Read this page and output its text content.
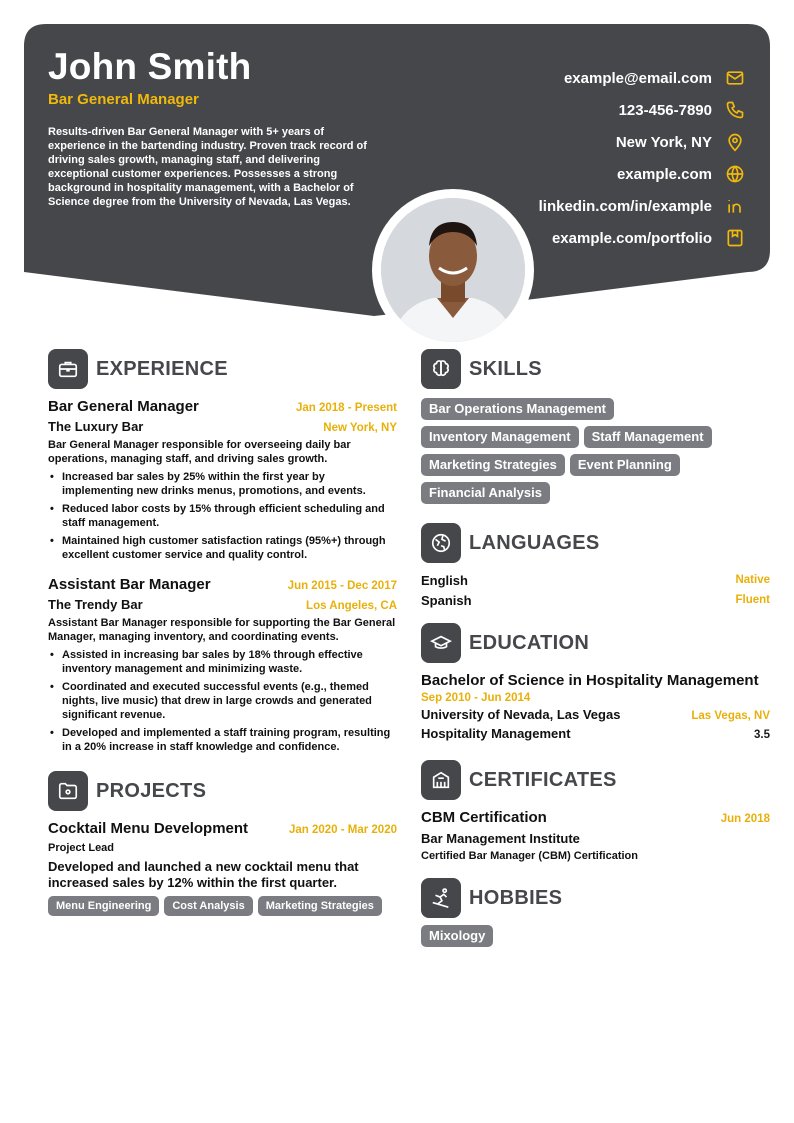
John Smith
Bar General Manager
Results-driven Bar General Manager with 5+ years of experience in the bartending industry. Proven track record of driving sales growth, managing staff, and delivering exceptional customer experiences. Possesses a strong background in hospitality management, with a Bachelor of Science degree from the University of Nevada, Las Vegas.
example@email.com
123-456-7890
New York, NY
example.com
linkedin.com/in/example
example.com/portfolio
EXPERIENCE
Bar General Manager	Jan 2018 - Present
The Luxury Bar	New York, NY
Bar General Manager responsible for overseeing daily bar operations, managing staff, and driving sales growth.
• Increased bar sales by 25% within the first year by implementing new drinks menus, promotions, and events.
• Reduced labor costs by 15% through efficient scheduling and staff management.
• Maintained high customer satisfaction ratings (95%+) through excellent customer service and quality control.
Assistant Bar Manager	Jun 2015 - Dec 2017
The Trendy Bar	Los Angeles, CA
Assistant Bar Manager responsible for supporting the Bar General Manager, managing inventory, and coordinating events.
• Assisted in increasing bar sales by 18% through effective inventory management and minimizing waste.
• Coordinated and executed successful events (e.g., themed nights, live music) that drew in large crowds and generated significant revenue.
• Developed and implemented a staff training program, resulting in a 20% increase in staff knowledge and confidence.
PROJECTS
Cocktail Menu Development	Jan 2020 - Mar 2020
Project Lead
Developed and launched a new cocktail menu that increased sales by 12% within the first quarter.
Menu Engineering Cost Analysis Marketing Strategies
SKILLS
Bar Operations Management
Inventory Management Staff Management
Marketing Strategies Event Planning
Financial Analysis
LANGUAGES
English	Native
Spanish	Fluent
EDUCATION
Bachelor of Science in Hospitality Management
Sep 2010 - Jun 2014
University of Nevada, Las Vegas	Las Vegas, NV
Hospitality Management	3.5
CERTIFICATES
CBM Certification	Jun 2018
Bar Management Institute
Certified Bar Manager (CBM) Certification
HOBBIES
Mixology
